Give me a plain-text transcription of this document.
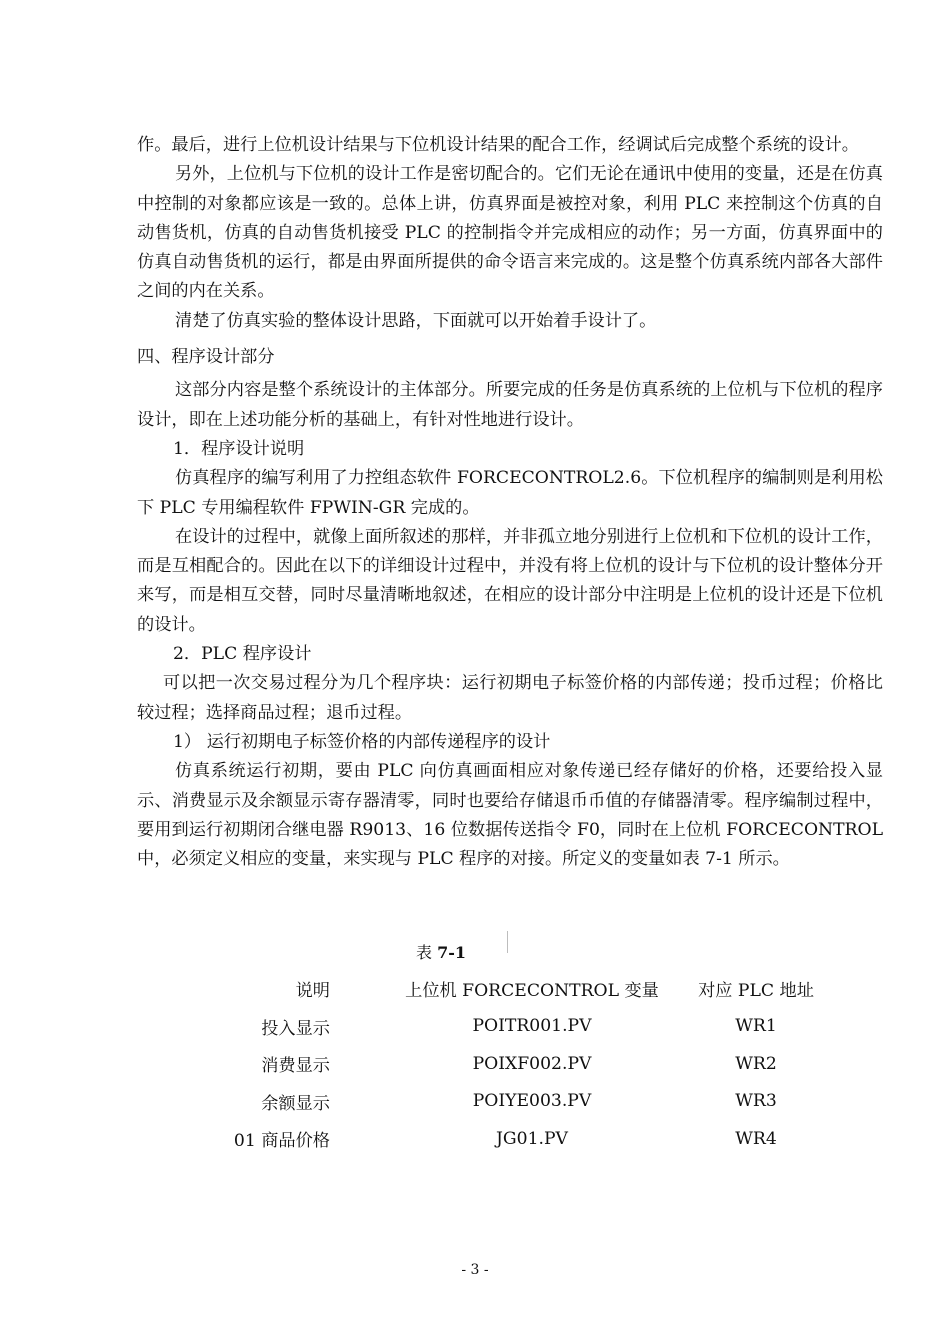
作。最后，进行上位机设计结果与下位机设计结果的配合工作，经调试后完成整个系统的设计。

另外，上位机与下位机的设计工作是密切配合的。它们无论在通讯中使用的变量，还是在仿真中控制的对象都应该是一致的。总体上讲，仿真界面是被控对象，利用 PLC 来控制这个仿真的自动售货机，仿真的自动售货机接受 PLC 的控制指令并完成相应的动作；另一方面，仿真界面中的仿真自动售货机的运行，都是由界面所提供的命令语言来完成的。这是整个仿真系统内部各大部件之间的内在关系。

清楚了仿真实验的整体设计思路，下面就可以开始着手设计了。

四、程序设计部分

这部分内容是整个系统设计的主体部分。所要完成的任务是仿真系统的上位机与下位机的程序设计，即在上述功能分析的基础上，有针对性地进行设计。

1．程序设计说明

仿真程序的编写利用了力控组态软件 FORCECONTROL2.6。下位机程序的编制则是利用松下 PLC 专用编程软件 FPWIN-GR 完成的。

在设计的过程中，就像上面所叙述的那样，并非孤立地分别进行上位机和下位机的设计工作，而是互相配合的。因此在以下的详细设计过程中，并没有将上位机的设计与下位机的设计整体分开来写，而是相互交替，同时尽量清晰地叙述，在相应的设计部分中注明是上位机的设计还是下位机的设计。

2．PLC 程序设计

可以把一次交易过程分为几个程序块：运行初期电子标签价格的内部传递；投币过程；价格比较过程；选择商品过程；退币过程。

1） 运行初期电子标签价格的内部传递程序的设计

仿真系统运行初期，要由 PLC 向仿真画面相应对象传递已经存储好的价格，还要给投入显示、消费显示及余额显示寄存器清零，同时也要给存储退币币值的存储器清零。程序编制过程中，要用到运行初期闭合继电器 R9013、16 位数据传送指令 F0，同时在上位机 FORCECONTROL 中，必须定义相应的变量，来实现与 PLC 程序的对接。所定义的变量如表 7-1 所示。

表 7-1
说明	上位机 FORCECONTROL 变量	对应 PLC 地址
投入显示	POITR001.PV	WR1
消费显示	POIXF002.PV	WR2
余额显示	POIYE003.PV	WR3
01 商品价格	JG01.PV	WR4
- 3 -
